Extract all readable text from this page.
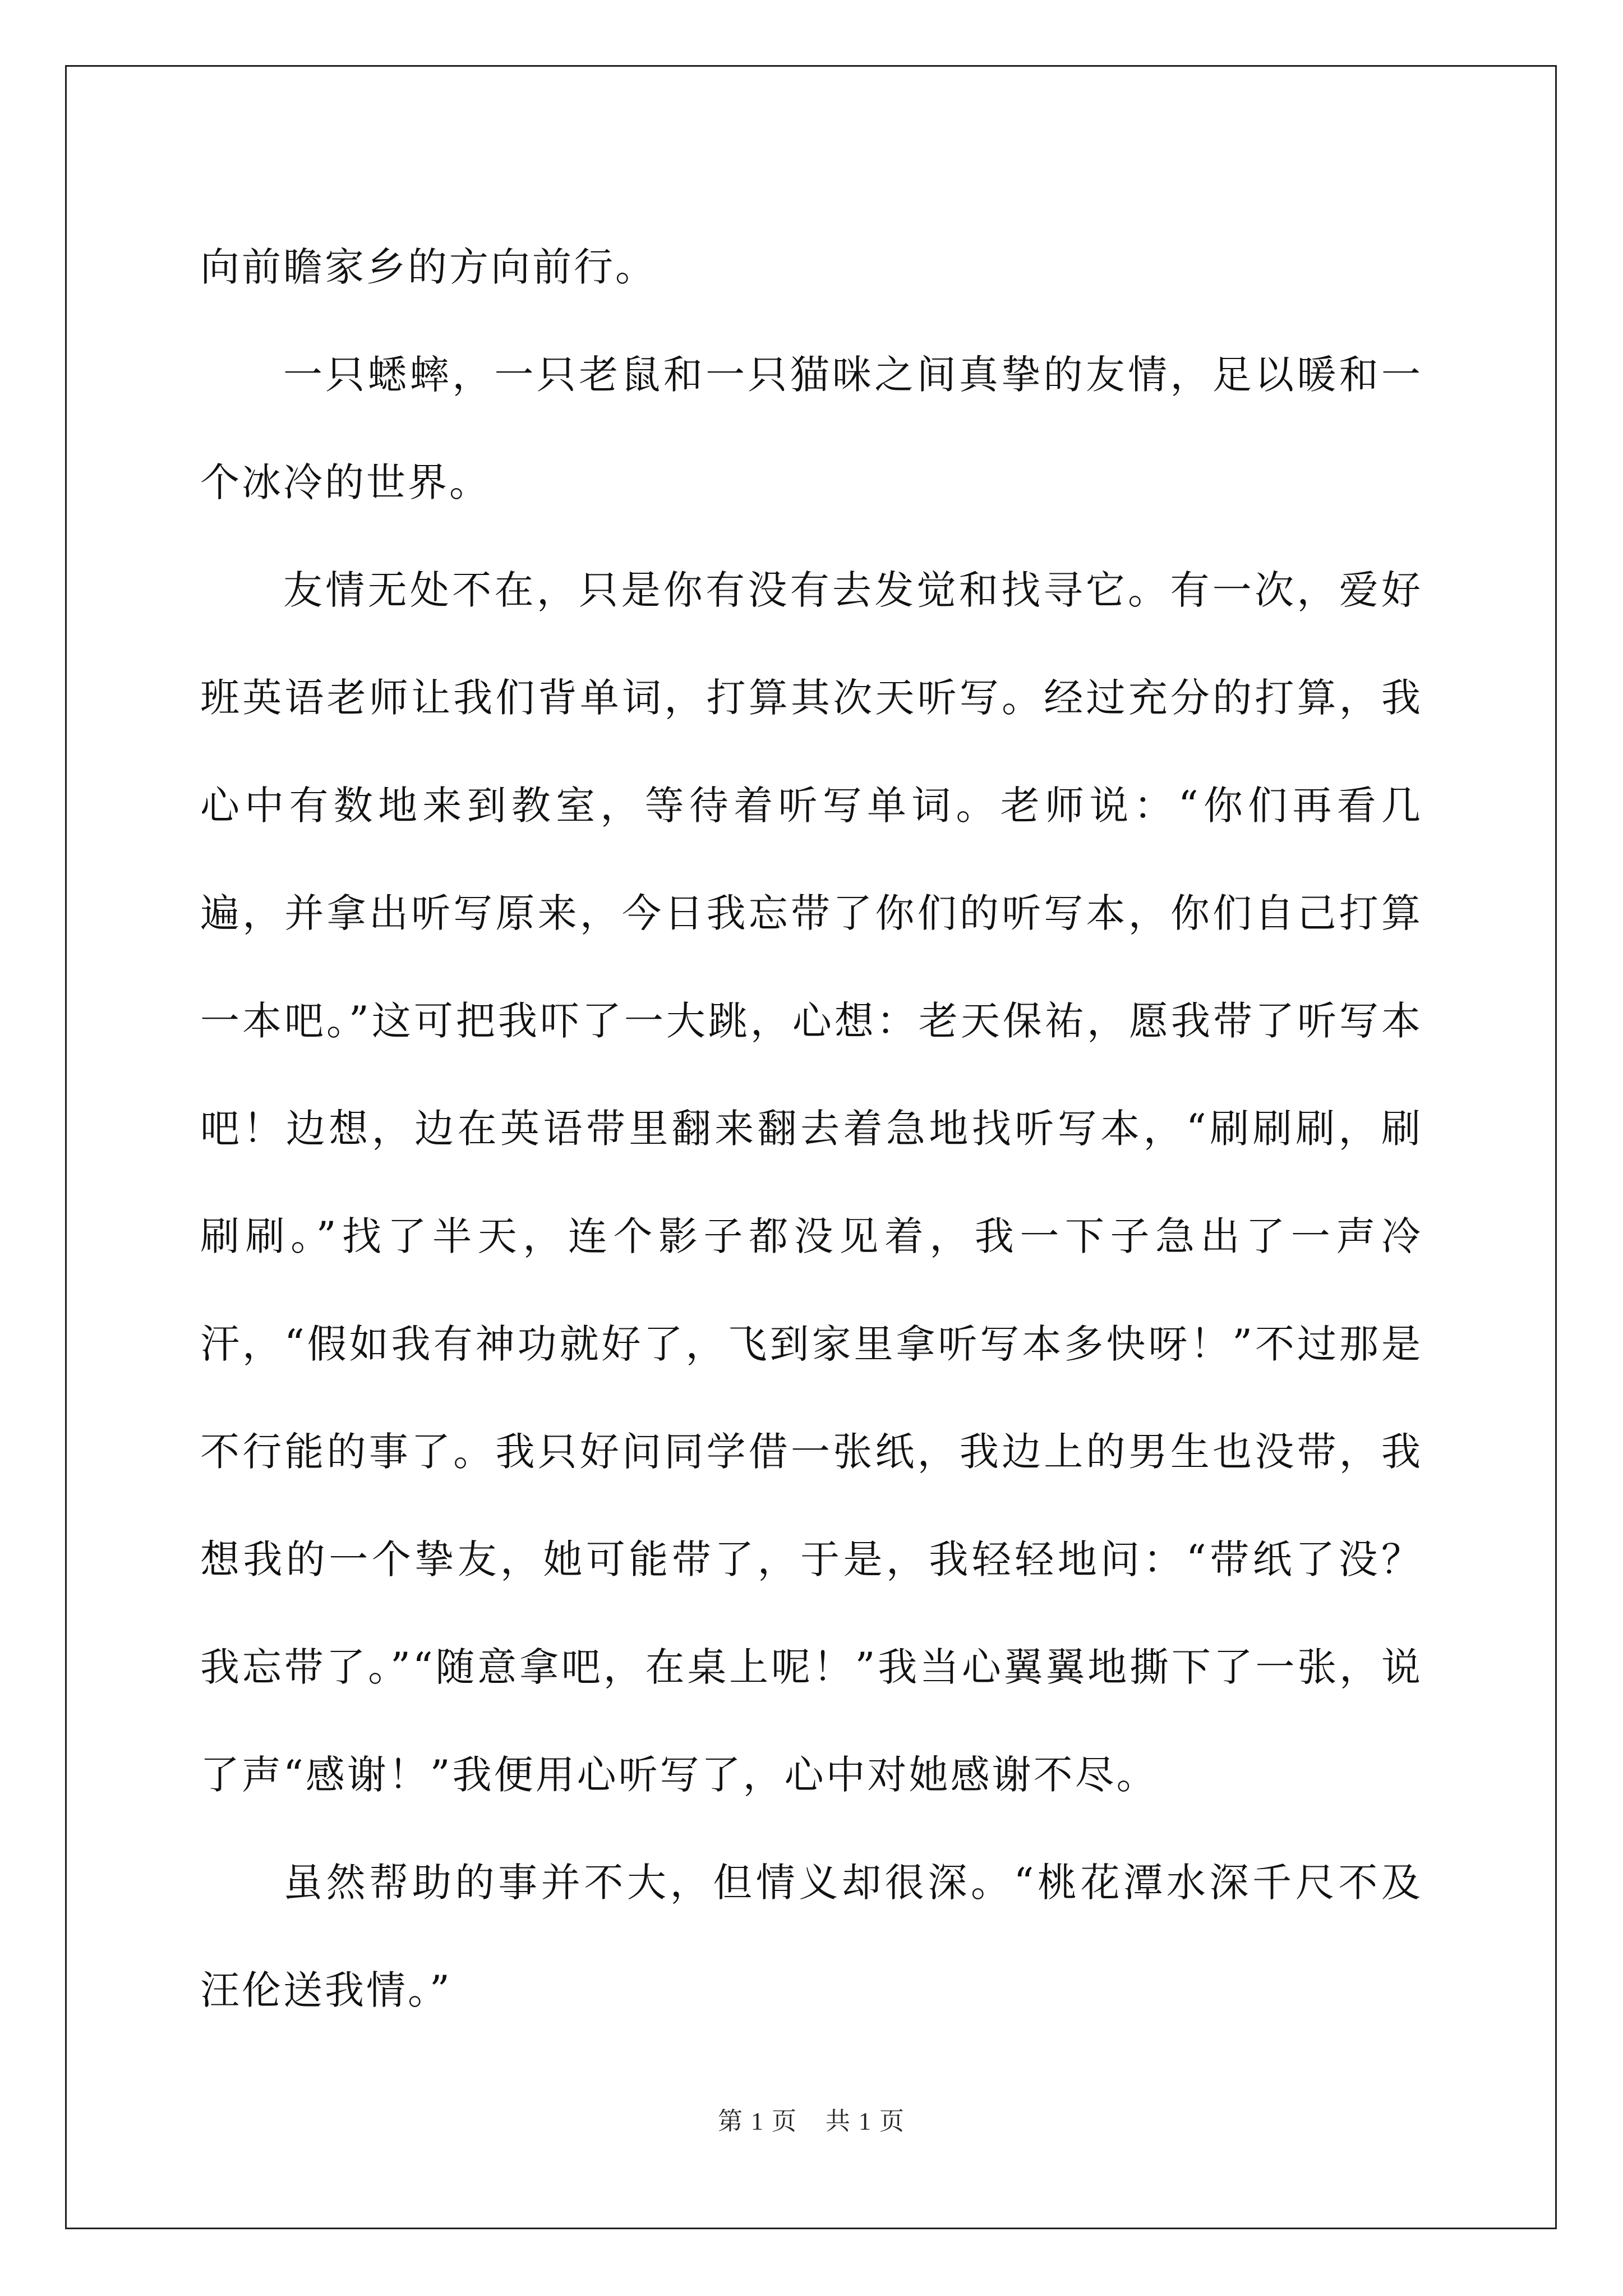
向前瞻家乡的方向前行。

一只蟋蟀，一只老鼠和一只猫咪之间真挚的友情，足以暖和一个冰冷的世界。

友情无处不在，只是你有没有去发觉和找寻它。有一次，爱好班英语老师让我们背单词，打算其次天听写。经过充分的打算，我心中有数地来到教室，等待着听写单词。老师说：“你们再看几遍，并拿出听写原来，今日我忘带了你们的听写本，你们自己打算一本吧。”这可把我吓了一大跳，心想：老天保祐，愿我带了听写本吧！边想，边在英语带里翻来翻去着急地找听写本，“刷刷刷，刷刷刷。”找了半天，连个影子都没见着，我一下子急出了一声冷汗，“假如我有神功就好了，飞到家里拿听写本多快呀！”不过那是不行能的事了。我只好问同学借一张纸，我边上的男生也没带，我想我的一个挚友，她可能带了，于是，我轻轻地问：“带纸了没？我忘带了。”“随意拿吧，在桌上呢！”我当心翼翼地撕下了一张，说了声“感谢！”我便用心听写了，心中对她感谢不尽。

虽然帮助的事并不大，但情义却很深。“桃花潭水深千尺不及汪伦送我情。”

第 1 页 共 1 页
